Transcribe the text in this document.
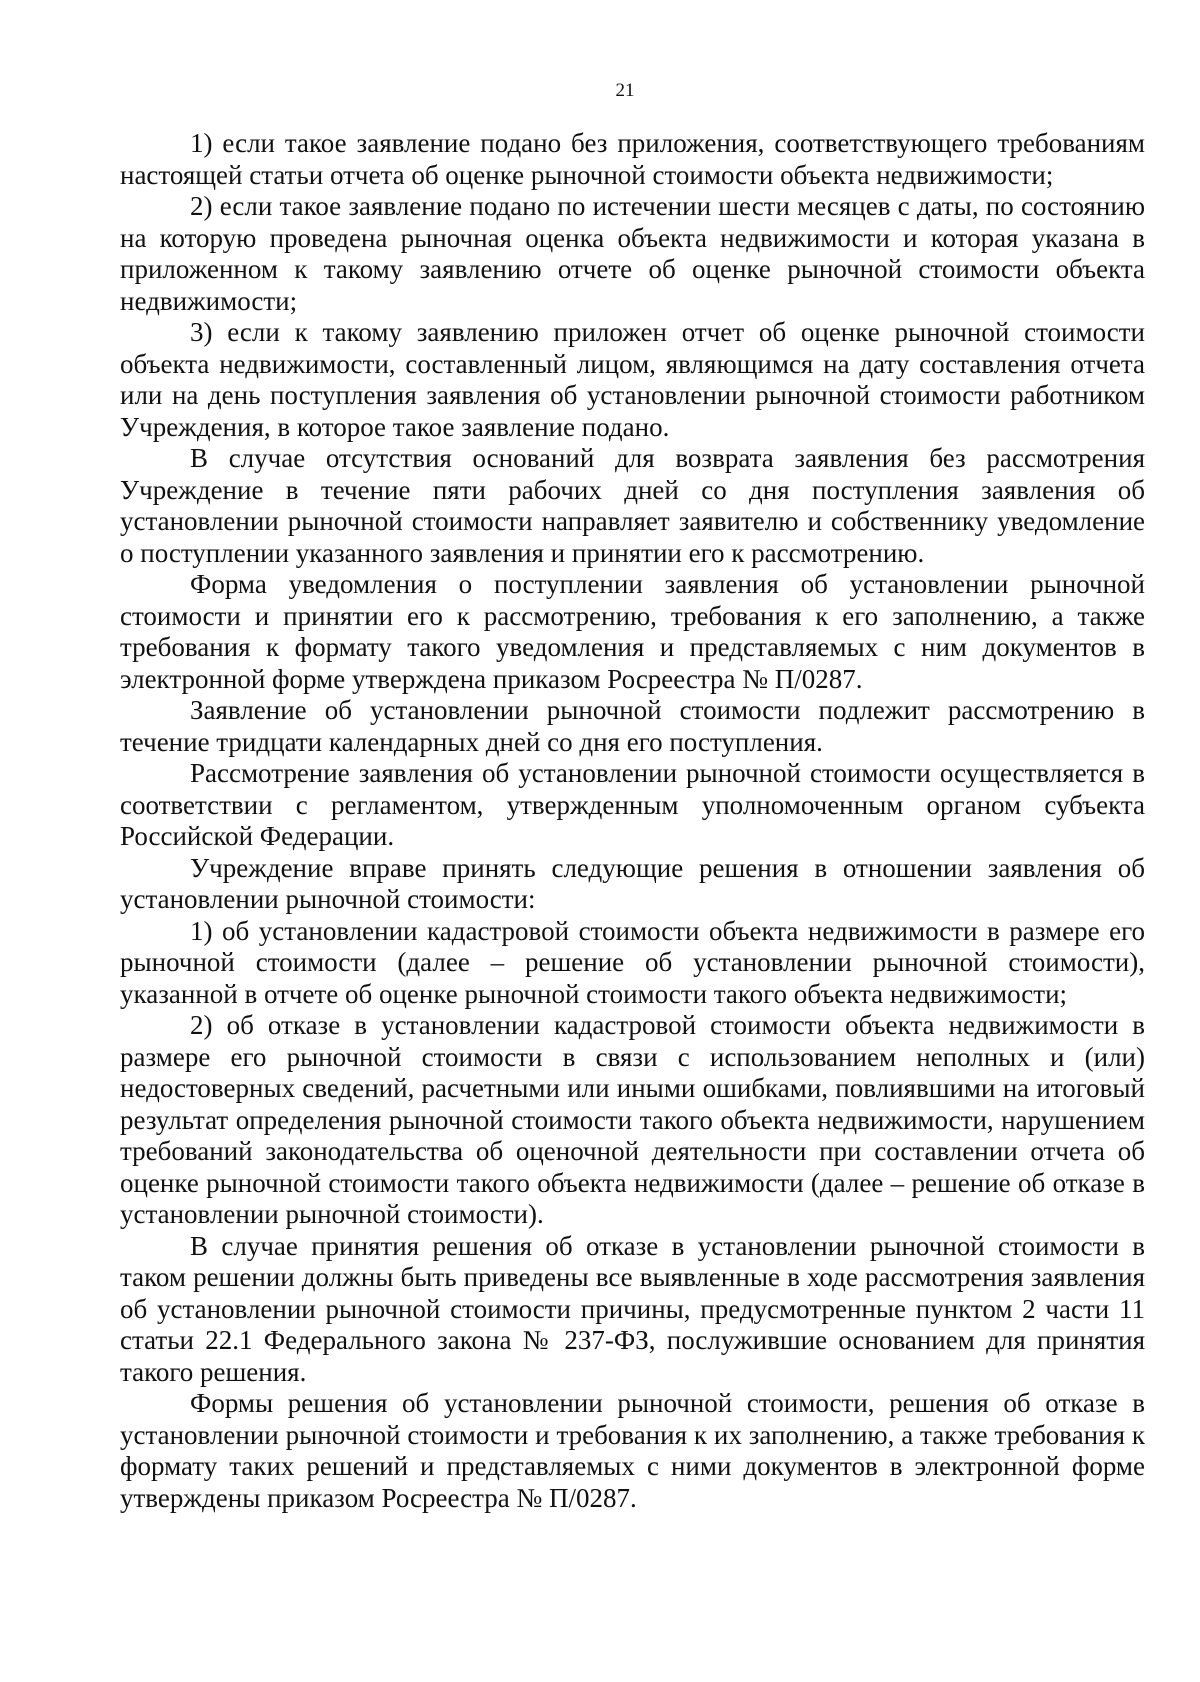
21

1) если такое заявление подано без приложения, соответствующего требованиям настоящей статьи отчета об оценке рыночной стоимости объекта недвижимости;

2) если такое заявление подано по истечении шести месяцев с даты, по состоянию на которую проведена рыночная оценка объекта недвижимости и которая указана в приложенном к такому заявлению отчете об оценке рыночной стоимости объекта недвижимости;

3) если к такому заявлению приложен отчет об оценке рыночной стоимости объекта недвижимости, составленный лицом, являющимся на дату составления отчета или на день поступления заявления об установлении рыночной стоимости работником Учреждения, в которое такое заявление подано.

В случае отсутствия оснований для возврата заявления без рассмотрения Учреждение в течение пяти рабочих дней со дня поступления заявления об установлении рыночной стоимости направляет заявителю и собственнику уведомление о поступлении указанного заявления и принятии его к рассмотрению.

Форма уведомления о поступлении заявления об установлении рыночной стоимости и принятии его к рассмотрению, требования к его заполнению, а также требования к формату такого уведомления и представляемых с ним документов в электронной форме утверждена приказом Росреестра № П/0287.

Заявление об установлении рыночной стоимости подлежит рассмотрению в течение тридцати календарных дней со дня его поступления.

Рассмотрение заявления об установлении рыночной стоимости осуществляется в соответствии с регламентом, утвержденным уполномоченным органом субъекта Российской Федерации.

Учреждение вправе принять следующие решения в отношении заявления об установлении рыночной стоимости:

1) об установлении кадастровой стоимости объекта недвижимости в размере его рыночной стоимости (далее – решение об установлении рыночной стоимости), указанной в отчете об оценке рыночной стоимости такого объекта недвижимости;

2) об отказе в установлении кадастровой стоимости объекта недвижимости в размере его рыночной стоимости в связи с использованием неполных и (или) недостоверных сведений, расчетными или иными ошибками, повлиявшими на итоговый результат определения рыночной стоимости такого объекта недвижимости, нарушением требований законодательства об оценочной деятельности при составлении отчета об оценке рыночной стоимости такого объекта недвижимости (далее – решение об отказе в установлении рыночной стоимости).

В случае принятия решения об отказе в установлении рыночной стоимости в таком решении должны быть приведены все выявленные в ходе рассмотрения заявления об установлении рыночной стоимости причины, предусмотренные пунктом 2 части 11 статьи 22.1 Федерального закона № 237-ФЗ, послужившие основанием для принятия такого решения.

Формы решения об установлении рыночной стоимости, решения об отказе в установлении рыночной стоимости и требования к их заполнению, а также требования к формату таких решений и представляемых с ними документов в электронной форме утверждены приказом Росреестра № П/0287.
